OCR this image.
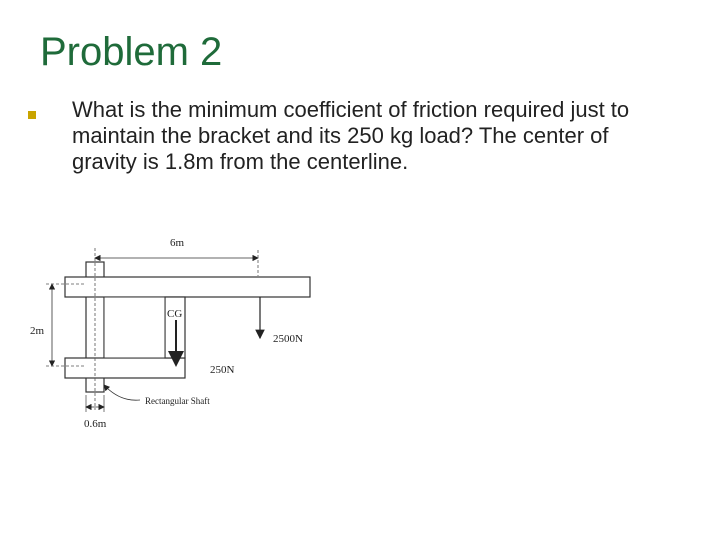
Problem 2
What is the minimum coefficient of friction required just to maintain the bracket and its 250 kg load? The center of gravity is 1.8m from the centerline.
6m
2m
0.6m
2500N
CG
250N
Rectangular Shaft
